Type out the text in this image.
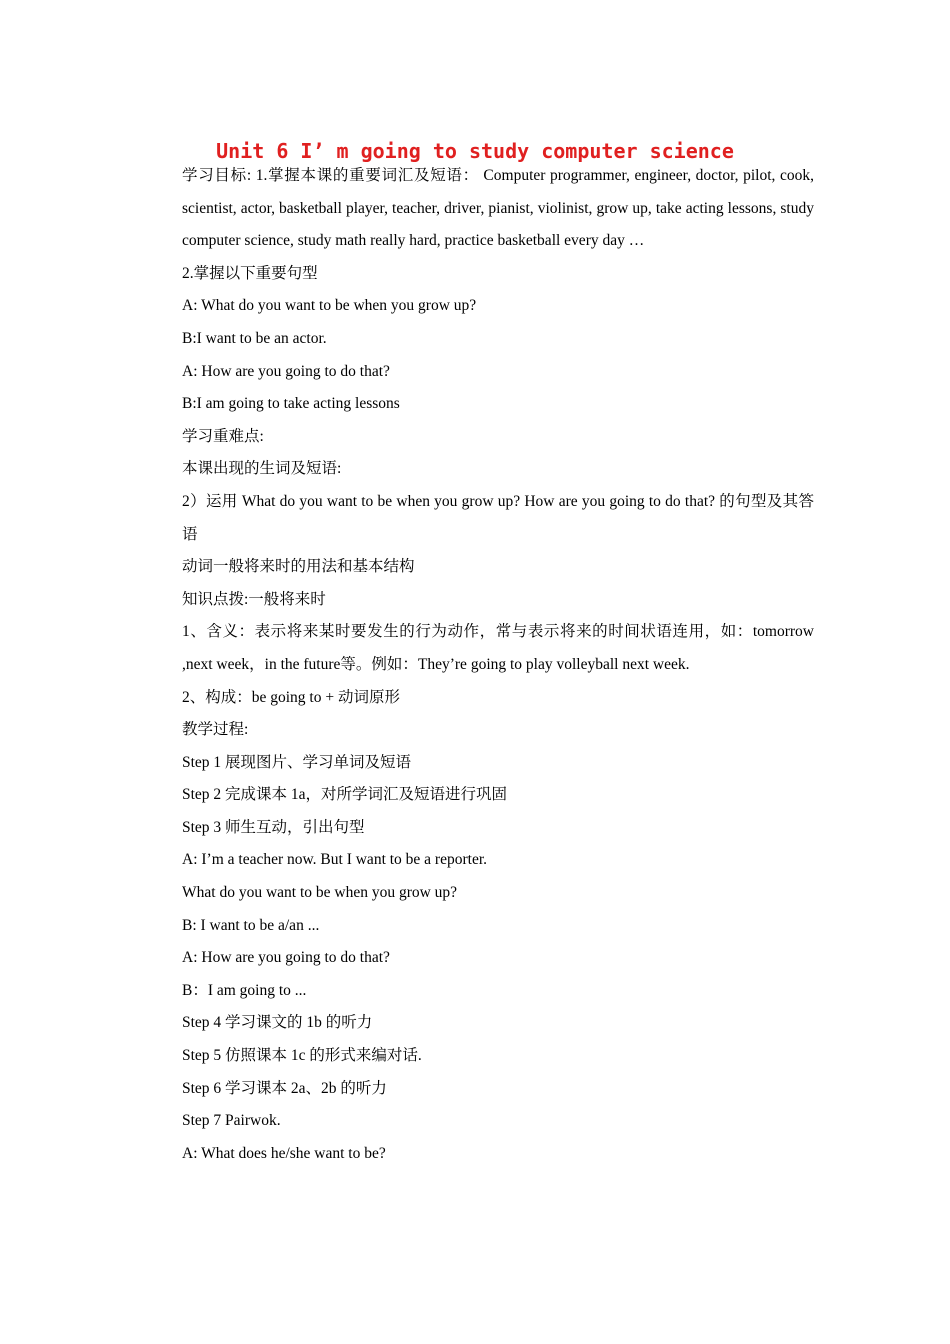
Unit 6 I’ m going to study computer science
学习目标: 1.掌握本课的重要词汇及短语： Computer programmer, engineer, doctor, pilot, cook, scientist, actor, basketball player, teacher, driver, pianist, violinist, grow up, take acting lessons, study computer science, study math really hard, practice basketball every day …
2.掌握以下重要句型
A: What do you want to be when you grow up?
B:I want to be an actor.
A: How are you going to do that?
B:I am going to take acting lessons
学习重难点:
本课出现的生词及短语:
2）运用 What do you want to be when you grow up? How are you going to do that? 的句型及其答语
动词一般将来时的用法和基本结构
知识点拨:一般将来时
1、含义：表示将来某时要发生的行为动作，常与表示将来的时间状语连用，如：tomorrow ,next week，in the future等。例如：They’re going to play volleyball next week.
2、构成：be going to + 动词原形
教学过程:
Step 1 展现图片、学习单词及短语
Step 2 完成课本 1a，对所学词汇及短语进行巩固
Step 3 师生互动，引出句型
A: I’m a teacher now. But I want to be a reporter.
What do you want to be when you grow up?
B: I want to be a/an ...
A: How are you going to do that?
B：I am going to ...
Step 4 学习课文的 1b 的听力
Step 5 仿照课本 1c 的形式来编对话.
Step 6 学习课本 2a、2b 的听力
Step 7 Pairwok.
A: What does he/she want to be?
